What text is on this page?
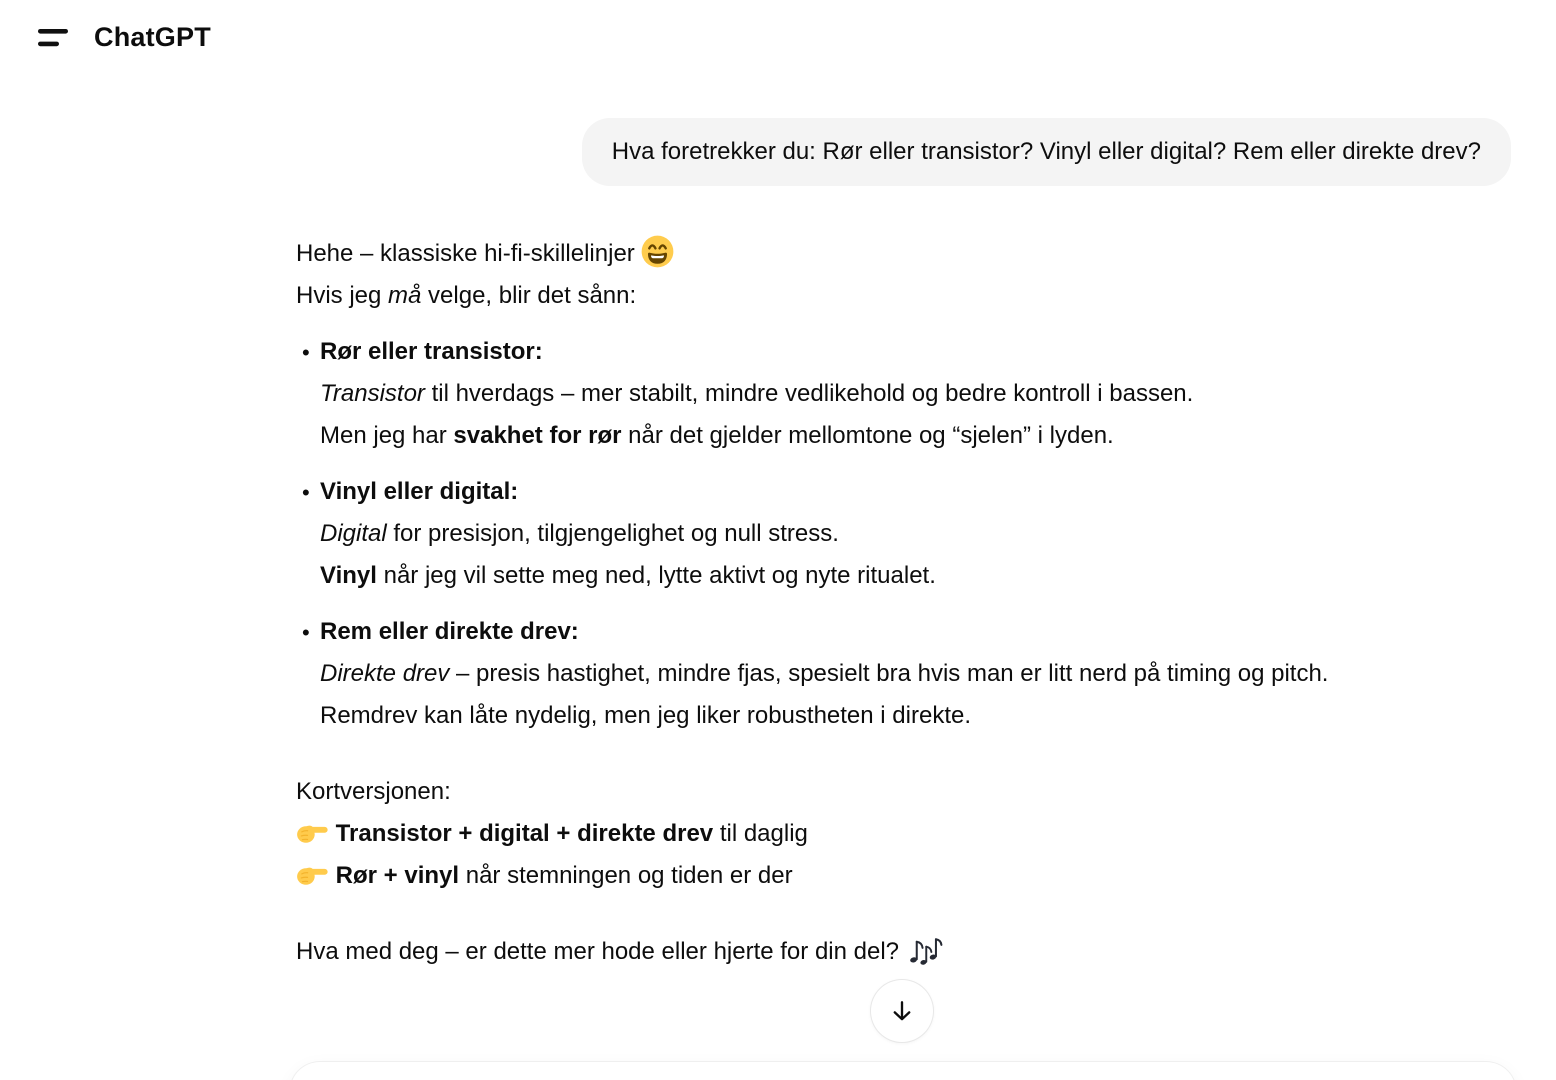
ChatGPT
Hva foretrekker du: Rør eller transistor? Vinyl eller digital? Rem eller direkte drev?

Hehe – klassiske hi-fi-skillelinjer
Hvis jeg må velge, blir det sånn:

• Rør eller transistor:
Transistor til hverdags – mer stabilt, mindre vedlikehold og bedre kontroll i bassen.
Men jeg har svakhet for rør når det gjelder mellomtone og “sjelen” i lyden.
• Vinyl eller digital:
Digital for presisjon, tilgjengelighet og null stress.
Vinyl når jeg vil sette meg ned, lytte aktivt og nyte ritualet.
• Rem eller direkte drev:
Direkte drev – presis hastighet, mindre fjas, spesielt bra hvis man er litt nerd på timing og pitch.
Remdrev kan låte nydelig, men jeg liker robustheten i direkte.

Kortversjonen:
Transistor + digital + direkte drev til daglig
Rør + vinyl når stemningen og tiden er der

Hva med deg – er dette mer hode eller hjerte for din del?
